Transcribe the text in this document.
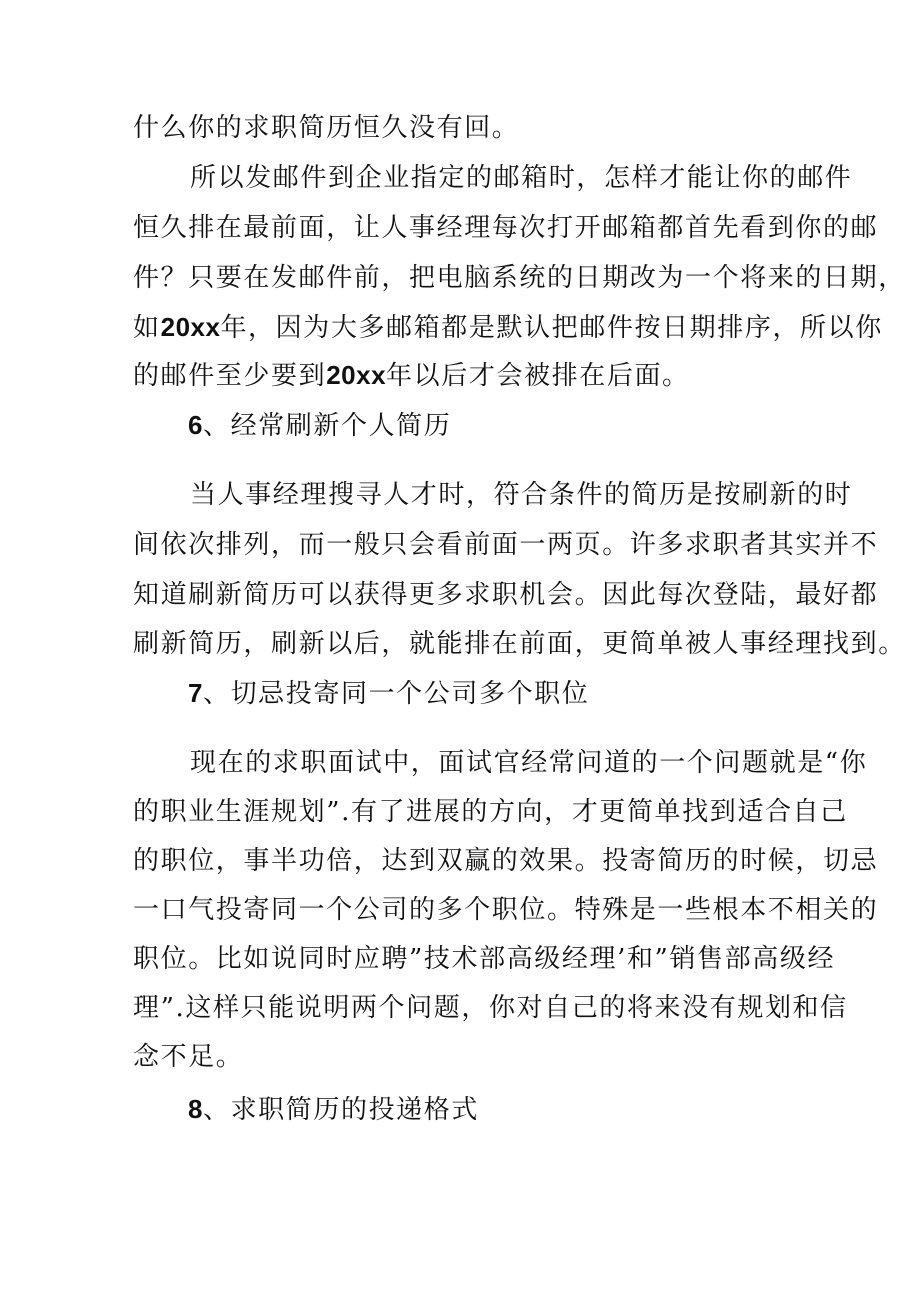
什么你的求职简历恒久没有回。
所以发邮件到企业指定的邮箱时，怎样才能让你的邮件
恒久排在最前面，让人事经理每次打开邮箱都首先看到你的邮
件？只要在发邮件前，把电脑系统的日期改为一个将来的日期，
如20xx年，因为大多邮箱都是默认把邮件按日期排序，所以你
的邮件至少要到20xx年以后才会被排在后面。
6、经常刷新个人简历
当人事经理搜寻人才时，符合条件的简历是按刷新的时
间依次排列，而一般只会看前面一两页。许多求职者其实并不
知道刷新简历可以获得更多求职机会。因此每次登陆，最好都
刷新简历，刷新以后，就能排在前面，更简单被人事经理找到。
7、切忌投寄同一个公司多个职位
现在的求职面试中，面试官经常问道的一个问题就是“你
的职业生涯规划”.有了进展的方向，才更简单找到适合自己
的职位，事半功倍，达到双赢的效果。投寄简历的时候，切忌
一口气投寄同一个公司的多个职位。特殊是一些根本不相关的
职位。比如说同时应聘”技术部高级经理’和”销售部高级经
理”.这样只能说明两个问题，你对自己的将来没有规划和信
念不足。
8、求职简历的投递格式
